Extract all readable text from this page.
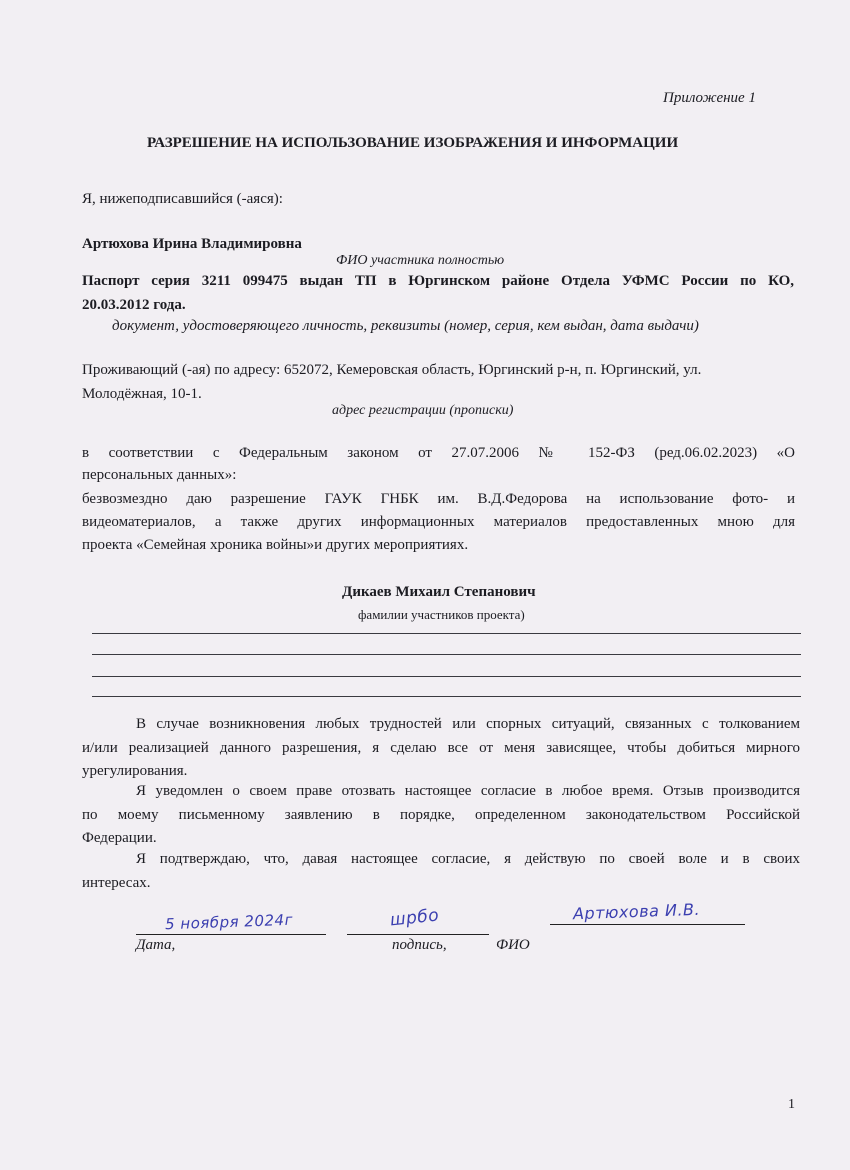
Приложение 1
РАЗРЕШЕНИЕ НА ИСПОЛЬЗОВАНИЕ ИЗОБРАЖЕНИЯ И ИНФОРМАЦИИ
Я, нижеподписавшийся (-аяся):
Артюхова Ирина Владимировна
ФИО участника полностью
Паспорт серия 3211 099475 выдан ТП в Юргинском районе Отдела УФМС России по КО,
20.03.2012 года.
документ, удостоверяющего личность, реквизиты (номер, серия, кем выдан, дата выдачи)
Проживающий (-ая) по адресу: 652072, Кемеровская область, Юргинский р-н, п. Юргинский, ул.
Молодёжная, 10-1.
адрес регистрации (прописки)
в соответствии с Федеральным законом от 27.07.2006 № 152-ФЗ (ред.06.02.2023) «О
персональных данных»:
безвозмездно даю разрешение ГАУК ГНБК им. В.Д.Федорова на использование фото- и
видеоматериалов, а также других информационных материалов предоставленных мною для
проекта «Семейная хроника войны»и других мероприятиях.
Дикаев Михаил Степанович
фамилии участников проекта)
В случае возникновения любых трудностей или спорных ситуаций, связанных с толкованием
и/или реализацией данного разрешения, я сделаю все от меня зависящее, чтобы добиться мирного
урегулирования.
Я уведомлен о своем праве отозвать настоящее согласие в любое время. Отзыв производится
по моему письменному заявлению в порядке, определенном законодательством Российской
Федерации.
Я подтверждаю, что, давая настоящее согласие, я действую по своей воле и в своих
интересах.
5 ноября 2024г	шрбо	Артюхова И.В.
Дата,	подпись,	ФИО
1
